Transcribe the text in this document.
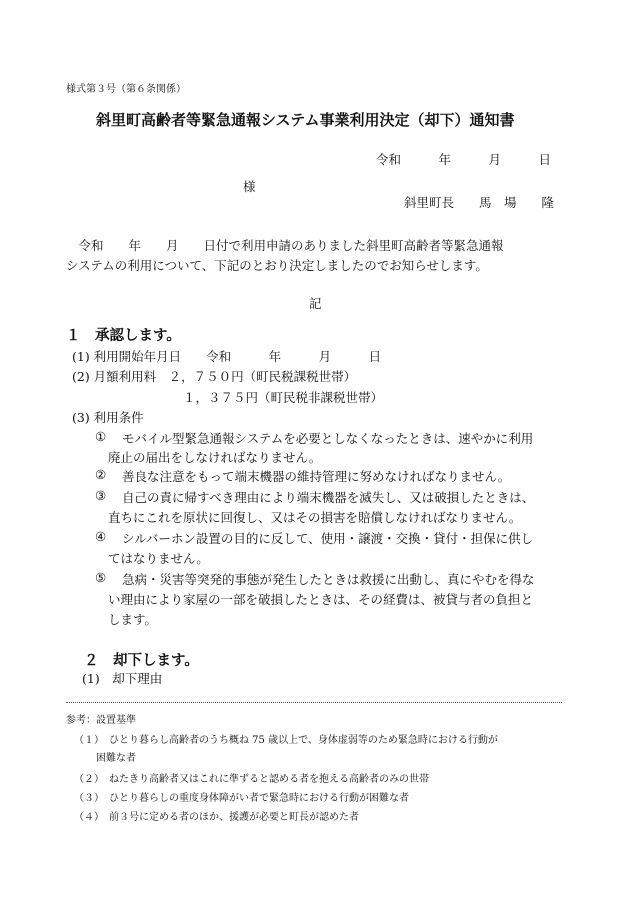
様式第３号（第６条関係）
斜里町高齢者等緊急通報システム事業利用決定（却下）通知書
令和　　　年　　　月　　　日
様
斜里町長　　馬　場　　隆
　令和　　年　　月　　日付で利用申請のありました斜里町高齢者等緊急通報
システムの利用について、下記のとおり決定しましたのでお知らせします。
記
１　承認します。
(1) 利用開始年月日　　令和　　　年　　　月　　　日
(2) 月額利用料　２，７５０円（町民税課税世帯）
１，３７５円（町民税非課税世帯）
(3) 利用条件
① モバイル型緊急通報システムを必要としなくなったときは、速やかに利用
廃止の届出をしなければなりません。
② 善良な注意をもって端末機器の維持管理に努めなければなりません。
③ 自己の責に帰すべき理由により端末機器を滅失し、又は破損したときは、
直ちにこれを原状に回復し、又はその損害を賠償しなければなりません。
④ シルバーホン設置の目的に反して、使用・譲渡・交換・貸付・担保に供し
てはなりません。
⑤ 急病・災害等突発的事態が発生したときは救援に出動し、真にやむを得な
い理由により家屋の一部を破損したときは、その経費は、被貸与者の負担と
します。
２　却下します。
(1)　却下理由
参考：設置基準
（１） ひとり暮らし高齢者のうち概ね 75 歳以上で、身体虚弱等のため緊急時における行動が
困難な者
（２） ねたきり高齢者又はこれに準ずると認める者を抱える高齢者のみの世帯
（３） ひとり暮らしの重度身体障がい者で緊急時における行動が困難な者
（４） 前３号に定める者のほか、援護が必要と町長が認めた者
